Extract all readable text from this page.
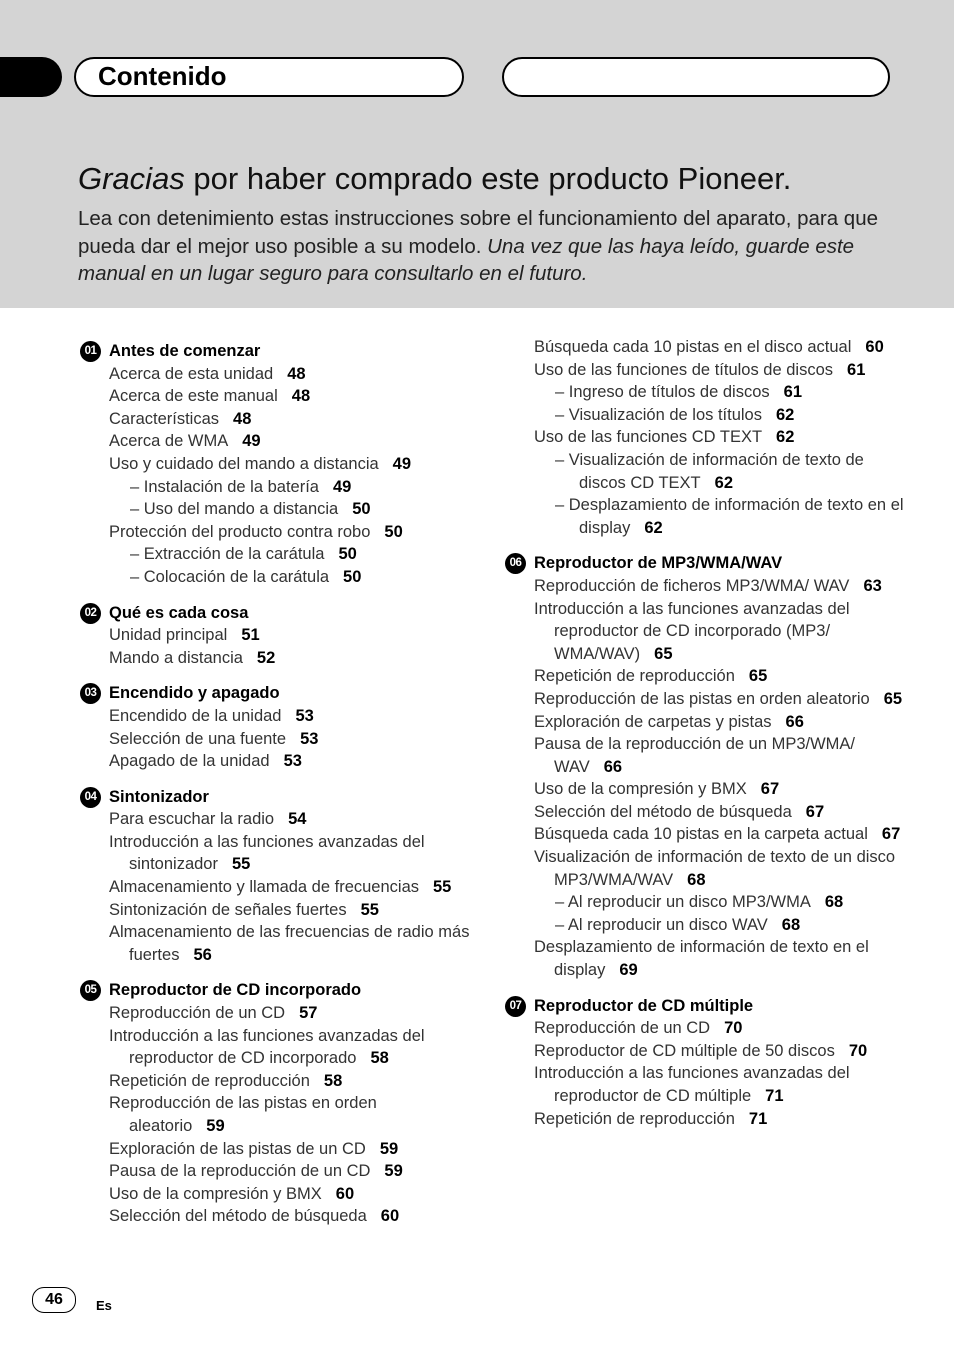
Contenido
Gracias por haber comprado este producto Pioneer.
Lea con detenimiento estas instrucciones sobre el funcionamiento del aparato, para que pueda dar el mejor uso posible a su modelo. Una vez que las haya leído, guarde este manual en un lugar seguro para consultarlo en el futuro.
01 Antes de comenzar
Acerca de esta unidad 48
Acerca de este manual 48
Características 48
Acerca de WMA 49
Uso y cuidado del mando a distancia 49
– Instalación de la batería 49
– Uso del mando a distancia 50
Protección del producto contra robo 50
– Extracción de la carátula 50
– Colocación de la carátula 50
02 Qué es cada cosa
Unidad principal 51
Mando a distancia 52
03 Encendido y apagado
Encendido de la unidad 53
Selección de una fuente 53
Apagado de la unidad 53
04 Sintonizador
Para escuchar la radio 54
Introducción a las funciones avanzadas del sintonizador 55
Almacenamiento y llamada de frecuencias 55
Sintonización de señales fuertes 55
Almacenamiento de las frecuencias de radio más fuertes 56
05 Reproductor de CD incorporado
Reproducción de un CD 57
Introducción a las funciones avanzadas del reproductor de CD incorporado 58
Repetición de reproducción 58
Reproducción de las pistas en orden aleatorio 59
Exploración de las pistas de un CD 59
Pausa de la reproducción de un CD 59
Uso de la compresión y BMX 60
Selección del método de búsqueda 60
Búsqueda cada 10 pistas en el disco actual 60
Uso de las funciones de títulos de discos 61
– Ingreso de títulos de discos 61
– Visualización de los títulos 62
Uso de las funciones CD TEXT 62
– Visualización de información de texto de discos CD TEXT 62
– Desplazamiento de información de texto en el display 62
06 Reproductor de MP3/WMA/WAV
Reproducción de ficheros MP3/WMA/ WAV 63
Introducción a las funciones avanzadas del reproductor de CD incorporado (MP3/ WMA/WAV) 65
Repetición de reproducción 65
Reproducción de las pistas en orden aleatorio 65
Exploración de carpetas y pistas 66
Pausa de la reproducción de un MP3/WMA/ WAV 66
Uso de la compresión y BMX 67
Selección del método de búsqueda 67
Búsqueda cada 10 pistas en la carpeta actual 67
Visualización de información de texto de un disco MP3/WMA/WAV 68
– Al reproducir un disco MP3/WMA 68
– Al reproducir un disco WAV 68
Desplazamiento de información de texto en el display 69
07 Reproductor de CD múltiple
Reproducción de un CD 70
Reproductor de CD múltiple de 50 discos 70
Introducción a las funciones avanzadas del reproductor de CD múltiple 71
Repetición de reproducción 71
46	Es
